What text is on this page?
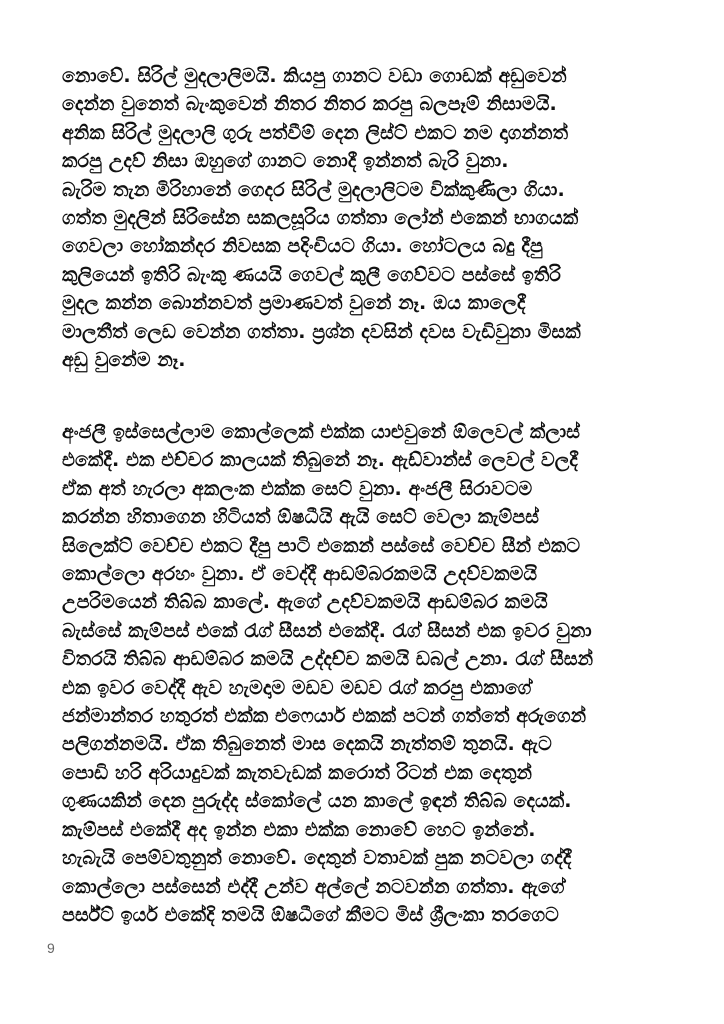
නොවේ. සිරිල් මුදලාලිමයි. කියපු ගානට වඩා ගොඩක් අඩුවෙන්
දෙන්න වුනෙත් බැංකුවෙන් නිතර නිතර කරපු බලපෑම් නිසාමයි.
අනික සිරිල් මුදලාලි ගුරු පත්වීම් දෙන ලිස්ට් එකට නම දාගන්නත්
කරපු උදව් නිසා ඔහුගේ ගානට නොදී ඉන්නත් බැරි වුනා.
බැරිම තැන මිරිහානේ ගෙදර සිරිල් මුදලාලිටම වික්කුණිලා ගියා.
ගත්ත මුදලින් සිරිසේන සකලසූරිය ගත්තා ලෝන් එකෙන් භාගයක්
ගෙවලා හෝකන්දර නිවසක පදිංචියට ගියා. හෝටලය බදු දීපු
කුලියෙන් ඉතිරි බැංකු ණයයි ගෙවල් කුලී ගෙව්වට පස්සේ ඉතිරි
මුදල කන්න බොන්නවත් ප්‍රමාණවත් වුනේ නෑ. ඔය කාලෙදී
මාලතීත් ලෙඩ වෙන්න ගත්තා. ප්‍රශ්න දවසින් දවස වැඩිවුනා මිසක්
අඩු වුනේම නෑ.
අංජලී ඉස්සෙල්ලාම කොල්ලෙක් එක්ක යාළුවුනේ ඕලෙවල් ක්ලාස්
එකේදී. එක එච්චර කාලයක් තිබුනේ නෑ. ඇඩ්වාන්ස් ලෙවල් වලදී
ඒක අත් හැරලා අකලංක එක්ක සෙට් වුනා. අංජලී සිරාවටම
කරන්න හිතාගෙන හිටියත් ඕෂධීයි ඇයි සෙට් වෙලා කැම්පස්
සිලෙක්ට් වෙච්ච එකට දීපු පාටි එකෙන් පස්සේ වෙච්ච සීන් එකට
කොල්ලො අරහං වුනා. ඒ වෙද්දී ආඩම්බරකමයි උදව්වකමයි
උපරිමයෙන් තිබ්බ කාලේ. ඇගේ උදව්වකමයි ආඩම්බර කමයි
බැස්සේ කැම්පස් එකේ රැග් සීසන් එකේදී. රැග් සීසන් එක ඉවර වුනා
විතරයි තිබ්බ ආඩම්බර කමයි උද්දච්ච කමයි ඩබල් උනා. රැග් සීසන්
එක ඉවර වෙද්දී ඇව හැමදාම මඩව මඩව රැග් කරපු එකාගේ
ජන්මාන්තර හතුරත් එක්ක එෆෙයාර් එකක් පටන් ගත්තේ අරුගෙන්
පලිගන්නමයි. ඒක තිබුනෙත් මාස දෙකයි නැත්තම් තුනයි. ඇට
පොඩි හරි අරියාදුවක් කැතවැඩක් කරොත් රිටන් එක දෙතුන්
ගුණයකින් දෙන පුරුද්ද ස්කෝලේ යන කාලේ ඉඳන් තිබ්බ දෙයක්.
කැම්පස් එකේදී අද ඉන්න එකා එක්ක නොවේ හෙට ඉන්නේ.
හැබැයි පෙම්වතුනුත් නොවේ. දෙතුන් වතාවක් පුක නටවලා ගද්දී
කොල්ලො පස්සෙන් එද්දී උන්ව අල්ලේ නටවන්න ගත්තා. ඇගේ
පර්ස්ට් ඉයර් එකේදි තමයි ඕෂධීගේ කීමට මිස් ශ්‍රීලංකා තරගෙට
9
